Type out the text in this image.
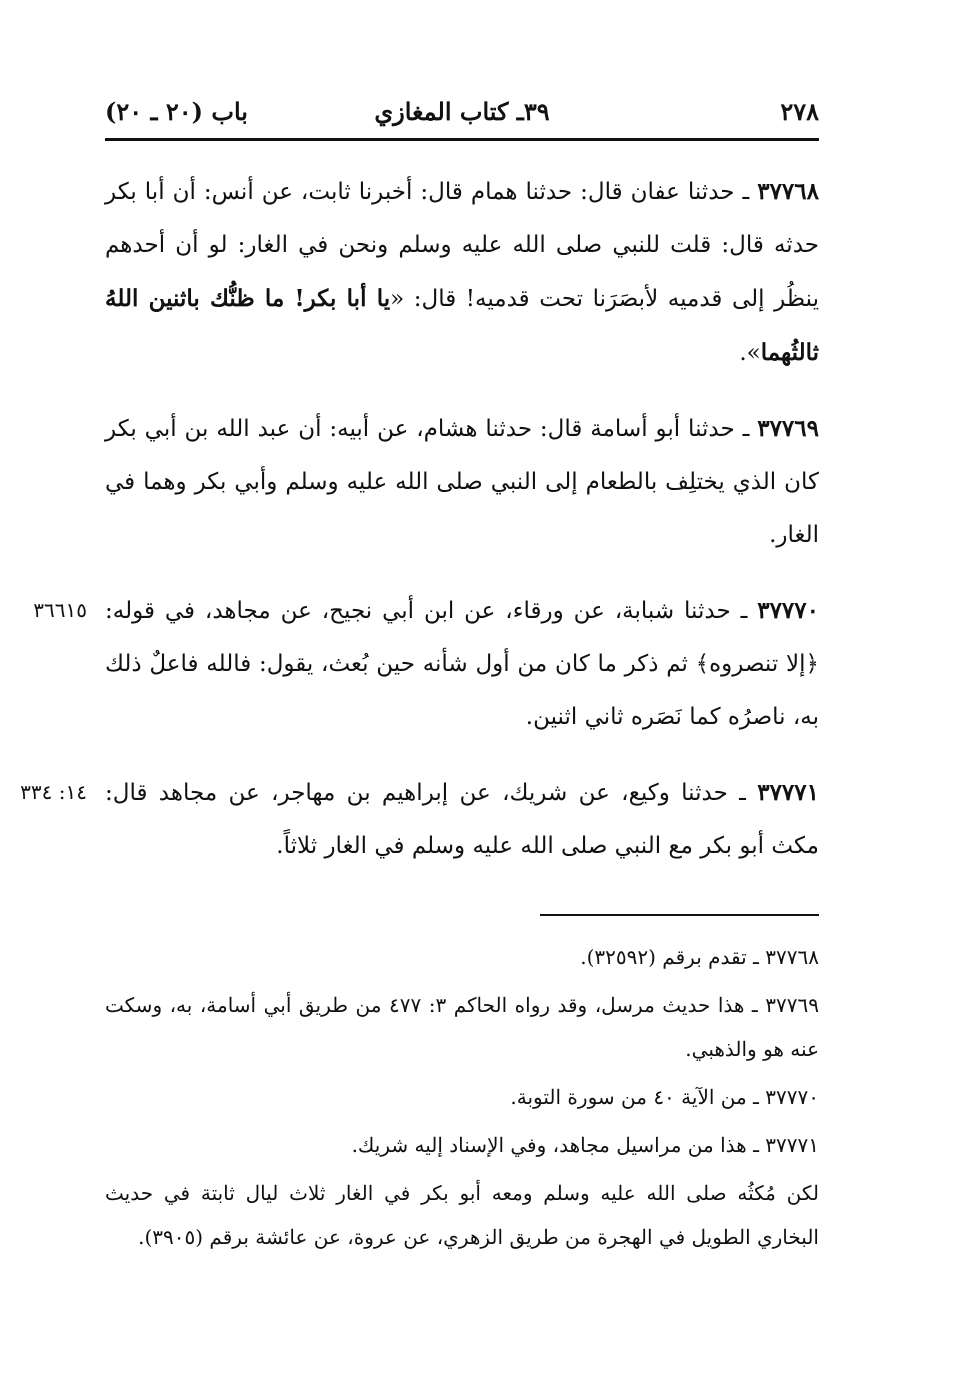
٢٧٨
٣٩ـ كتاب المغازي
باب (٢٠ ـ ٢٠)

٣٧٧٦٨ ـ حدثنا عفان قال: حدثنا همام قال: أخبرنا ثابت، عن أنس: أن أبا بكر حدثه قال: قلت للنبي صلى الله عليه وسلم ونحن في الغار: لو أن أحدهم ينظُر إلى قدميه لأبصَرَنا تحت قدميه! قال: «يا أبا بكر! ما ظنُّك باثنين اللهُ ثالثُهما».

٣٧٧٦٩ ـ حدثنا أبو أسامة قال: حدثنا هشام، عن أبيه: أن عبد الله بن أبي بكر كان الذي يختلِف بالطعام إلى النبي صلى الله عليه وسلم وأبي بكر وهما في الغار.

٣٦٦١٥	٣٧٧٧٠ ـ حدثنا شبابة، عن ورقاء، عن ابن أبي نجيح، عن مجاهد، في قوله: ﴿إلا تنصروه﴾ ثم ذكر ما كان من أول شأنه حين بُعث، يقول: فالله فاعلٌ ذلك به، ناصرُه كما نَصَره ثاني اثنين.

١٤: ٣٣٤	٣٧٧٧١ ـ حدثنا وكيع، عن شريك، عن إبراهيم بن مهاجر، عن مجاهد قال: مكث أبو بكر مع النبي صلى الله عليه وسلم في الغار ثلاثاً.

٣٧٧٦٨ ـ تقدم برقم (٣٢٥٩٢).

٣٧٧٦٩ ـ هذا حديث مرسل، وقد رواه الحاكم ٣: ٤٧٧ من طريق أبي أسامة، به، وسكت عنه هو والذهبي.

٣٧٧٧٠ ـ من الآية ٤٠ من سورة التوبة.

٣٧٧٧١ ـ هذا من مراسيل مجاهد، وفي الإسناد إليه شريك.

لكن مُكثُه صلى الله عليه وسلم ومعه أبو بكر في الغار ثلاث ليال ثابتة في حديث البخاري الطويل في الهجرة من طريق الزهري، عن عروة، عن عائشة برقم (٣٩٠٥).
